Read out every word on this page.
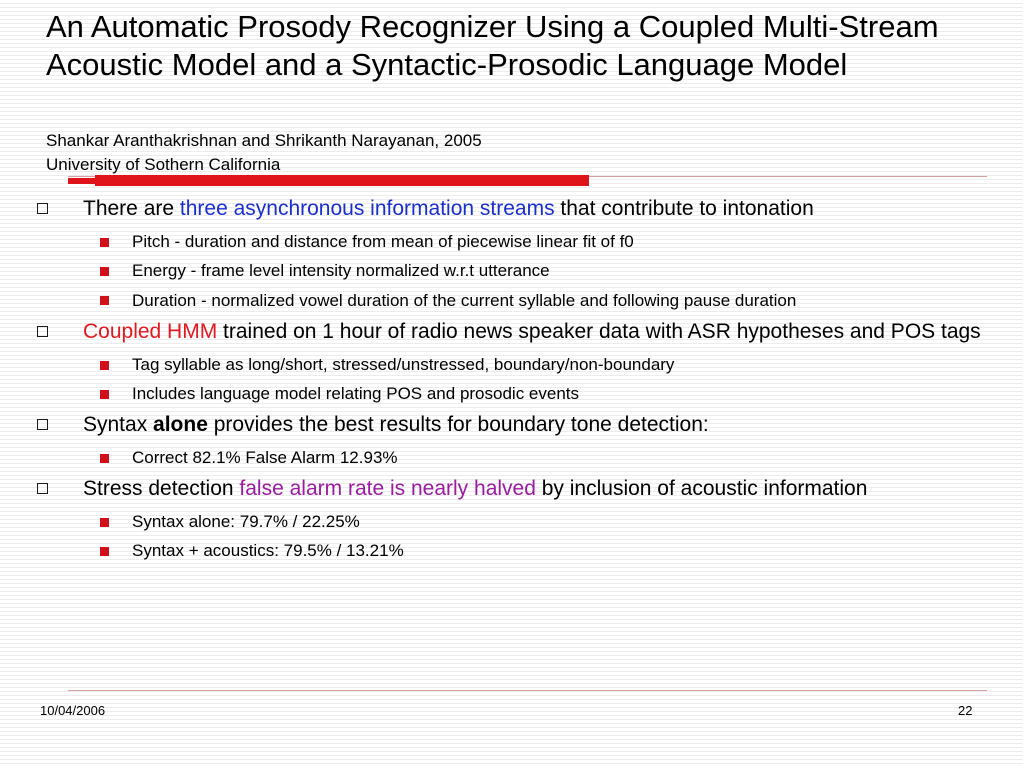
An Automatic Prosody Recognizer Using a Coupled Multi-Stream Acoustic Model and a Syntactic-Prosodic Language Model

Shankar Aranthakrishnan and Shrikanth Narayanan, 2005

University of Sothern California

There are three asynchronous information streams that contribute to intonation
Pitch - duration and distance from mean of piecewise linear fit of f0
Energy - frame level intensity normalized w.r.t utterance
Duration - normalized vowel duration of the current syllable and following pause duration
Coupled HMM trained on 1 hour of radio news speaker data with ASR hypotheses and POS tags
Tag syllable as long/short, stressed/unstressed, boundary/non-boundary
Includes language model relating POS and prosodic events
Syntax alone provides the best results for boundary tone detection:
Correct 82.1% False Alarm 12.93%
Stress detection false alarm rate is nearly halved by inclusion of acoustic information
Syntax alone: 79.7% / 22.25%
Syntax + acoustics: 79.5% / 13.21%
10/04/2006	22
